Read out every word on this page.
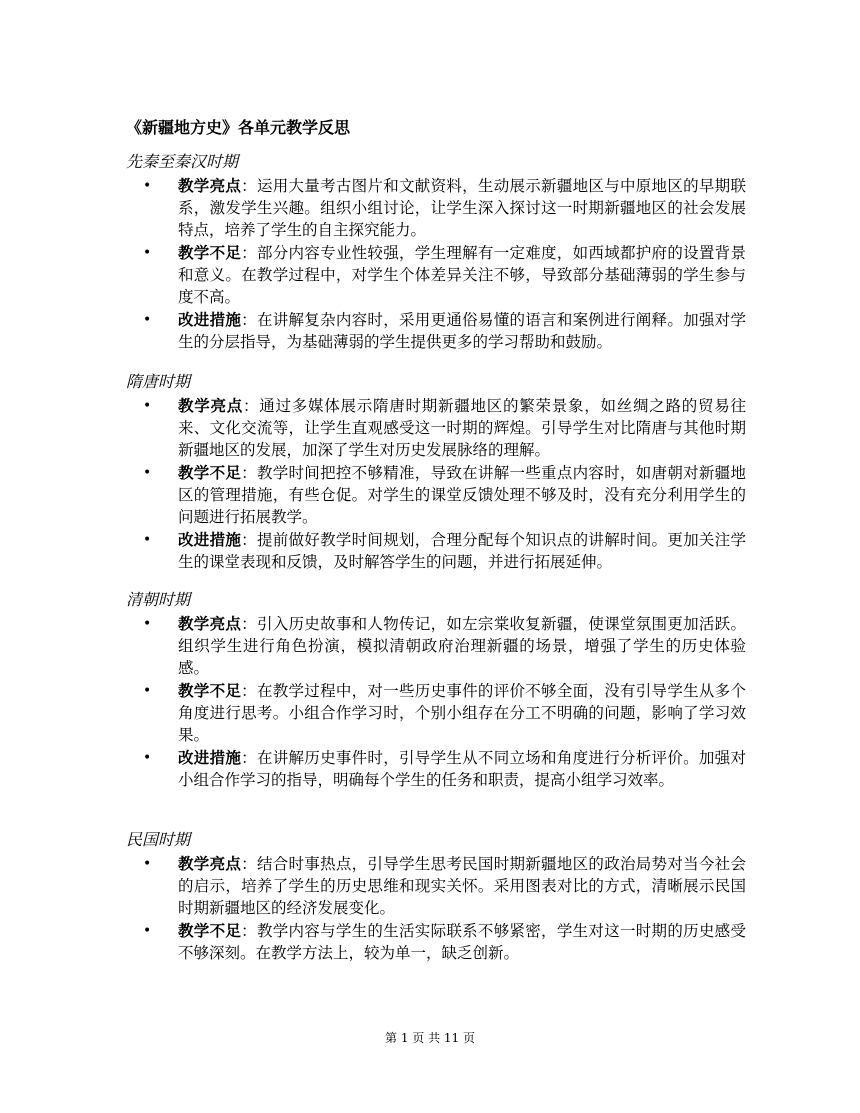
《新疆地方史》各单元教学反思
先秦至秦汉时期
• 教学亮点：运用大量考古图片和文献资料，生动展示新疆地区与中原地区的早期联系，激发学生兴趣。组织小组讨论，让学生深入探讨这一时期新疆地区的社会发展特点，培养了学生的自主探究能力。
• 教学不足：部分内容专业性较强，学生理解有一定难度，如西域都护府的设置背景和意义。在教学过程中，对学生个体差异关注不够，导致部分基础薄弱的学生参与度不高。
• 改进措施：在讲解复杂内容时，采用更通俗易懂的语言和案例进行阐释。加强对学生的分层指导，为基础薄弱的学生提供更多的学习帮助和鼓励。
隋唐时期
• 教学亮点：通过多媒体展示隋唐时期新疆地区的繁荣景象，如丝绸之路的贸易往来、文化交流等，让学生直观感受这一时期的辉煌。引导学生对比隋唐与其他时期新疆地区的发展，加深了学生对历史发展脉络的理解。
• 教学不足：教学时间把控不够精准，导致在讲解一些重点内容时，如唐朝对新疆地区的管理措施，有些仓促。对学生的课堂反馈处理不够及时，没有充分利用学生的问题进行拓展教学。
• 改进措施：提前做好教学时间规划，合理分配每个知识点的讲解时间。更加关注学生的课堂表现和反馈，及时解答学生的问题，并进行拓展延伸。
清朝时期
• 教学亮点：引入历史故事和人物传记，如左宗棠收复新疆，使课堂氛围更加活跃。组织学生进行角色扮演，模拟清朝政府治理新疆的场景，增强了学生的历史体验感。
• 教学不足：在教学过程中，对一些历史事件的评价不够全面，没有引导学生从多个角度进行思考。小组合作学习时，个别小组存在分工不明确的问题，影响了学习效果。
• 改进措施：在讲解历史事件时，引导学生从不同立场和角度进行分析评价。加强对小组合作学习的指导，明确每个学生的任务和职责，提高小组学习效率。
民国时期
• 教学亮点：结合时事热点，引导学生思考民国时期新疆地区的政治局势对当今社会的启示，培养了学生的历史思维和现实关怀。采用图表对比的方式，清晰展示民国时期新疆地区的经济发展变化。
• 教学不足：教学内容与学生的生活实际联系不够紧密，学生对这一时期的历史感受不够深刻。在教学方法上，较为单一，缺乏创新。
第 1 页 共 11 页
